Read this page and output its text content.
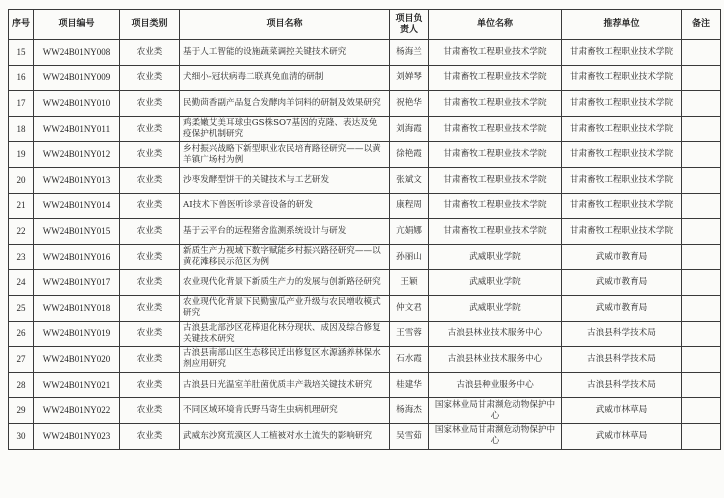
序号	项目编号	项目类别	项目名称	项目负责人	单位名称	推荐单位	备注
15	WW24B01NY008	农业类	基于人工智能的设施蔬菜调控关键技术研究	杨海兰	甘肃畜牧工程职业技术学院	甘肃畜牧工程职业技术学院	
16	WW24B01NY009	农业类	犬细小-冠状病毒二联真免血清的研制	刘婵琴	甘肃畜牧工程职业技术学院	甘肃畜牧工程职业技术学院	
17	WW24B01NY010	农业类	民勤茴香副产品复合发酵肉羊饲料的研制及效果研究	祝艳华	甘肃畜牧工程职业技术学院	甘肃畜牧工程职业技术学院	
18	WW24B01NY011	农业类	鸡柔嫩艾美耳球虫GS株SO7基因的克隆、表达及免疫保护机制研究	刘海霞	甘肃畜牧工程职业技术学院	甘肃畜牧工程职业技术学院	
19	WW24B01NY012	农业类	乡村振兴战略下新型职业农民培育路径研究——以黄羊镇广场村为例	徐艳霞	甘肃畜牧工程职业技术学院	甘肃畜牧工程职业技术学院	
20	WW24B01NY013	农业类	沙枣发酵型饼干的关键技术与工艺研发	张斌文	甘肃畜牧工程职业技术学院	甘肃畜牧工程职业技术学院	
21	WW24B01NY014	农业类	AI技术下兽医听诊录音设备的研发	康程周	甘肃畜牧工程职业技术学院	甘肃畜牧工程职业技术学院	
22	WW24B01NY015	农业类	基于云平台的远程猪舍监测系统设计与研发	亢娟娜	甘肃畜牧工程职业技术学院	甘肃畜牧工程职业技术学院	
23	WW24B01NY016	农业类	新质生产力视域下数字赋能乡村振兴路径研究——以黄花滩移民示范区为例	孙丽山	武威职业学院	武威市教育局	
24	WW24B01NY017	农业类	农业现代化背景下新质生产力的发展与创新路径研究	王颖	武威职业学院	武威市教育局	
25	WW24B01NY018	农业类	农业现代化背景下民勤蜜瓜产业升级与农民增收模式研究	仲文君	武威职业学院	武威市教育局	
26	WW24B01NY019	农业类	古浪县北部沙区花棒退化林分现状、成因及综合修复关键技术研究	王雪蓉	古浪县林业技术服务中心	古浪县科学技术局	
27	WW24B01NY020	农业类	古浪县南部山区生态移民迁出修复区水源涵养林保水剂应用研究	石水霞	古浪县林业技术服务中心	古浪县科学技术局	
28	WW24B01NY021	农业类	古浪县日光温室羊肚菌优质丰产栽培关键技术研究	桂建华	古浪县种业服务中心	古浪县科学技术局	
29	WW24B01NY022	农业类	不同区域环境肯氏野马寄生虫病机理研究	杨海杰	国家林业局甘肃濒危动物保护中心	武威市林草局	
30	WW24B01NY023	农业类	武威东沙窝荒漠区人工植被对水土流失的影响研究	吴雪茹	国家林业局甘肃濒危动物保护中心	武威市林草局	
